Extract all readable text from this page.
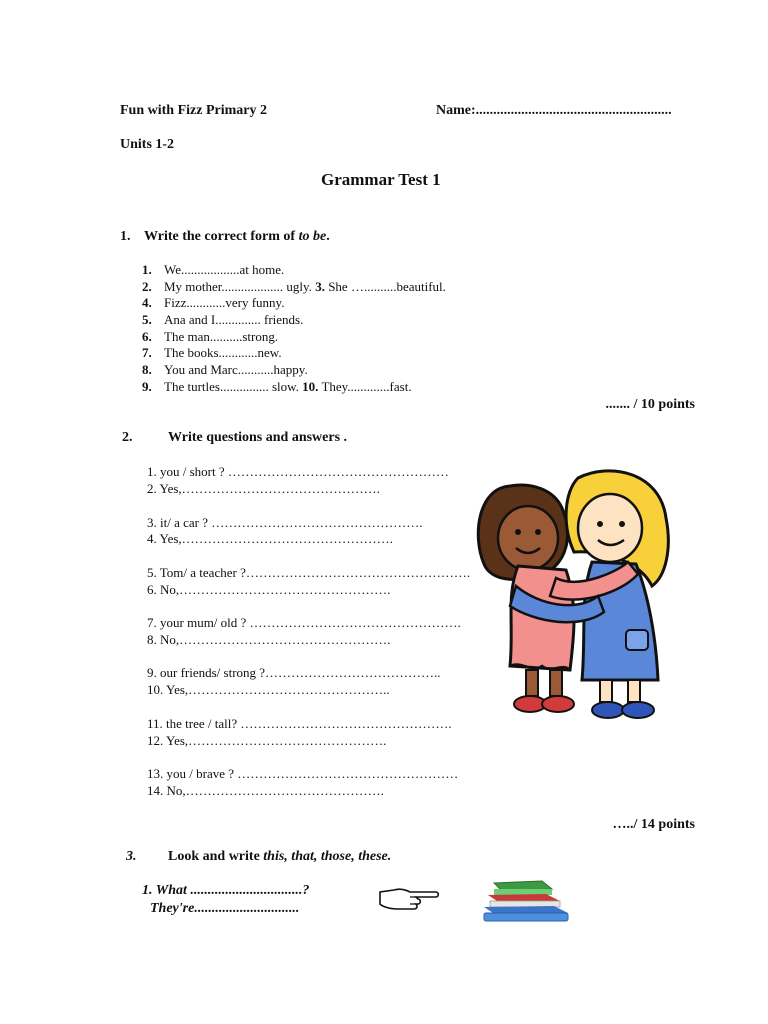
Fun with Fizz Primary 2	Name:........................................................
Units 1-2
Grammar Test 1
1. Write the correct form of to be.
1. We..................at home.
2. My mother................... ugly. 3. She …..........beautiful.
4. Fizz............very funny.
5. Ana and I.............. friends.
6. The man..........strong.
7. The books............new.
8. You and Marc...........happy.
9. The turtles............... slow. 10. They.............fast.
....... / 10 points
2.	Write questions and answers .
1. you / short ? ……………………………………………
2. Yes,……………………………………….
3. it/ a car ? ………………………………………….
4. Yes,………………………………………….
5. Tom/ a teacher ?…………………………………………….
6. No,………………………………………….
7. your mum/ old ? ………………………………………….
8. No,………………………………………….
9. our friends/ strong ?…………………………………..
10. Yes,………………………………………..
11. the tree / tall? ………………………………………….
12. Yes,……………………………………….
13. you / brave ? ……………………………………………
14. No,……………………………………….
…../ 14 points
3. Look and write this, that, those, these.
1. What ................................?
They're..............................
